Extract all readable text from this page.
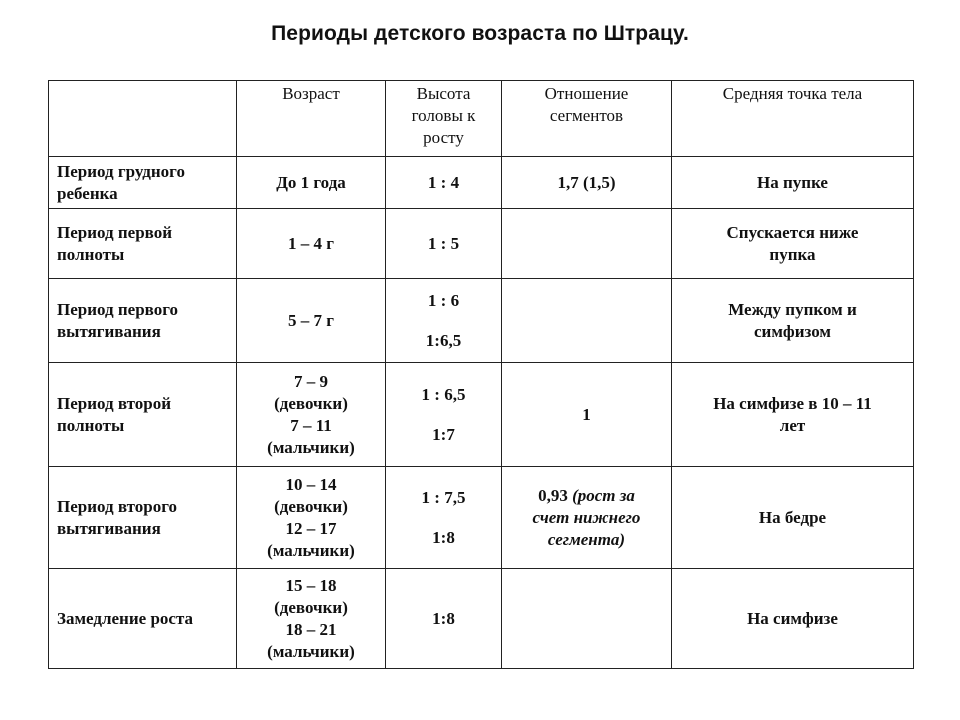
Периоды детского возраста по Штрацу.

	Возраст	Высота
головы к
росту	Отношение
сегментов	Средняя точка тела

Период грудного
ребенка	До 1 года	1 : 4	1,7 (1,5)	На пупке

Период первой
полноты	1 – 4 г	1 : 5		Спускается ниже
пупка

Период первого
вытягивания	5 – 7 г	1 : 6
1:6,5		Между пупком и
симфизом

Период второй
полноты	7 – 9
(девочки)
7 – 11
(мальчики)	1 : 6,5
1:7	1	На симфизе в 10 – 11
лет

Период второго
вытягивания	10 – 14
(девочки)
12 – 17
(мальчики)	1 : 7,5
1:8	0,93 (рост за
счет нижнего
сегмента)	На бедре

Замедление роста	15 – 18
(девочки)
18 – 21
(мальчики)	1:8		На симфизе
